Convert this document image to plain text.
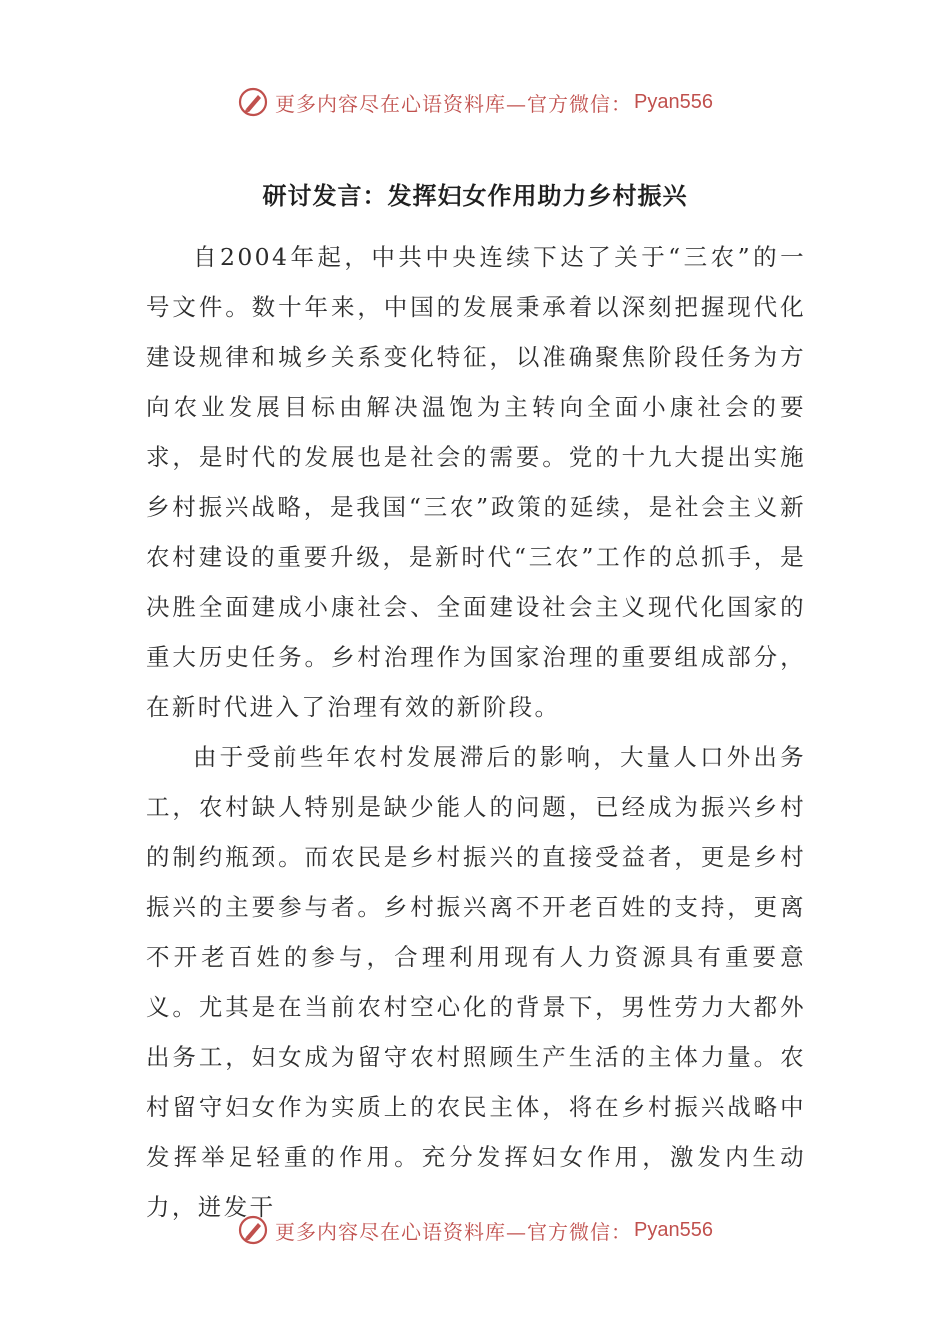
更多内容尽在心语资料库—官方微信： Pyan556
研讨发言：发挥妇女作用助力乡村振兴

自2004年起，中共中央连续下达了关于“三农”的一号文件。数十年来，中国的发展秉承着以深刻把握现代化建设规律和城乡关系变化特征，以准确聚焦阶段任务为方向农业发展目标由解决温饱为主转向全面小康社会的要求，是时代的发展也是社会的需要。党的十九大提出实施乡村振兴战略，是我国“三农”政策的延续，是社会主义新农村建设的重要升级，是新时代“三农”工作的总抓手，是决胜全面建成小康社会、全面建设社会主义现代化国家的重大历史任务。乡村治理作为国家治理的重要组成部分，在新时代进入了治理有效的新阶段。

由于受前些年农村发展滞后的影响，大量人口外出务工，农村缺人特别是缺少能人的问题，已经成为振兴乡村的制约瓶颈。而农民是乡村振兴的直接受益者，更是乡村振兴的主要参与者。乡村振兴离不开老百姓的支持，更离不开老百姓的参与，合理利用现有人力资源具有重要意义。尤其是在当前农村空心化的背景下，男性劳力大都外出务工，妇女成为留守农村照顾生产生活的主体力量。农村留守妇女作为实质上的农民主体，将在乡村振兴战略中发挥举足轻重的作用。充分发挥妇女作用，激发内生动力，迸发干

更多内容尽在心语资料库—官方微信： Pyan556
